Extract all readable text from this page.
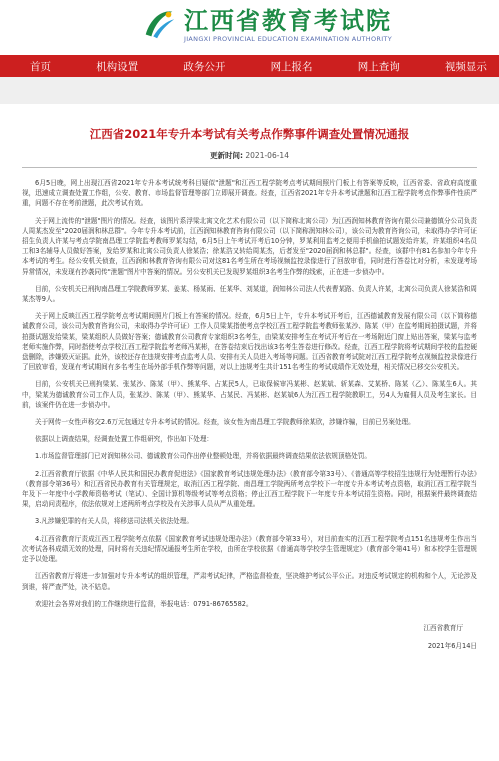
江西省教育考试院
JIANGXI PROVINCIAL EDUCATION EXAMINATION AUTHORITY
首页	机构设置	政务公开	网上报名	网上查询	视频显示
江西省2021年专升本考试有关考点作弊事件调查处置情况通报
更新时间: 2021-06-14

6月5日晚，网上出现江西省2021年专升本考试统考科目疑似"泄题"和江西工程学院考点考试期间照片门板上有答案等反映，江西省委、省政府高度重视，迅速成立调查处置工作组，公安、教育、市场监督管理等部门立即展开调查。经查，江西省2021年专升本考试泄题和江西工程学院考点作弊事件性质严重，问题不存在考前泄题，此次考试有效。

关于网上流传的"泄题"图片的情况。经查，该图片系浮梁北寓文化艺术有限公司（以下简称北寓公司）为江西润知林教育咨询有限公司兼德镇分公司负责人周某杰发至"2020届润和林总群"。今年专升本考试前，江西润知林教育咨询有限公司（以下简称润知林公司），该公司为教育咨询公司，未取得办学许可证招生负责人许某与考点学院南昌理工学院监考教师罗某勾结，6月5日上午考试开考后10分钟，罗某利用监考之便用手机偷拍试题发给许某，许某组织4名员工和3名辅导人员做好答案，发给罗某和北寓公司负责人徐某浩；徐某浩又转给周某杰，后者发至"2020届润和林总群"。经查，该群中有81名参加今年专升本考试的考生。经公安机关侦查，江西润和林教育咨询有限公司对这81名考生所在考场视频监控录像进行了回放审看，同时进行答卷比对分析，未发现考场异常情况，未发现有抄袭同传"泄题"图片中答案的情况。另公安机关已发现罗某组织3名考生作弊的线索，正在进一步侦办中。

目前，公安机关已刑拘南昌理工学院教师罗某、姜某、杨某雨、任某华、刘某道，润知林公司法人代表曹某路、负责人许某，北寓公司负责人徐某浩和周某杰等9人。

关于网上反映江西工程学院考点考试期间照片门板上有答案的情况。经查，6月5日上午，专升本考试开考后，江西德诚教育发展有限公司（以下简称德诚教育公司，该公司为教育咨询公司，未取得办学许可证）工作人员梁某指使考点学校江西工程学院监考教师张某沙、陈某（甲）在监考期间拍摄试题，并将拍摄试题发给梁某，梁某组织人员做好答案；德诚教育公司教育专家组织3名考生，由梁某安排考生在考试开考后在一考场附近门窗上贴出答案，梁某与监考老师实施作弊，同时指使考点学校江西工程学院监考老师冯某彬，在答卷结束后找出该3名考生答卷进行修改。经查，江西工程学院将考试期间学校的监控硬盘删除，涉嫌毁灭证据。此外，该校还存在违规安排考点监考人员、安排有关人员进入考场等问题。江西省教育考试院对江西工程学院考点视频监控录像进行了回放审看，发现有考试期间有多名考生在场外部手机作弊等问题，对以上违规考生共计151名考生的考试成绩作无效处理，相关情况已移交公安机关。

目前，公安机关已刑拘梁某、张某沙、陈某（甲）、熊某华、占某民5人，已取保候审冯某彬、赵某斌、斩某森、艾某桥、陈某（乙）、陈某生6人。其中，梁某为德诚教育公司工作人员，张某沙、陈某（甲）、熊某华、占某民、冯某彬、赵某斌6人为江西工程学院教职工，另4人为雇佣人员及考生家长。目前，该案件仍在进一步侦办中。

关于网传一女性声称交2.6万元包通过专升本考试的情况。经查，该女性为南昌理工学院教师徐某欣，涉嫌诈骗，目前已另案处理。

依据以上调查结果，经调查处置工作组研究，作出如下处理：

1.市场监督管理部门已对润知林公司、德诚教育公司作出停业整顿处理，并将依据最终调查结果依法依规顶格处罚。

2.江西省教育厅依据《中华人民共和国民办教育促进法》《国家教育考试违规处理办法》（教育部令第33号）、《普通高等学校招生违规行为处理暂行办法》（教育部令第36号）和江西省民办教育有关管理规定，取消江西工程学院、南昌理工学院两所考点学校下一年度专升本考试考点资格，取消江西工程学院当年及下一年度中小学教师资格考试（笔试）、全国计算机等级考试等考点资格；停止江西工程学院下一年度专升本考试招生资格。同时，根据案件最终调查结果，启动问责程序，依法依规对上述两所考点学校及有关涉事人员从严从重处理。

3.凡涉嫌犯罪的有关人员，将移送司法机关依法处理。

4.江西省教育厅责成江西工程学院考点依据《国家教育考试违规处理办法》（教育部令第33号），对目前查实的江西工程学院考点151名违规考生作出当次考试各科成绩无效的处理，同时将有关违纪情况通报考生所在学校，由所在学校依据《普通高等学校学生管理规定》（教育部令第41号）和本校学生管理规定予以处理。

江西省教育厅将进一步加强对专升本考试的组织管理，严肃考试纪律，严格监督检查，坚决维护考试公平公正。对违反考试规定的机构和个人，无论涉及到谁，将严查严处，决不姑息。

欢迎社会各界对我们的工作继续进行监督，举报电话：0791-86765582。

江西省教育厅
2021年6月14日
